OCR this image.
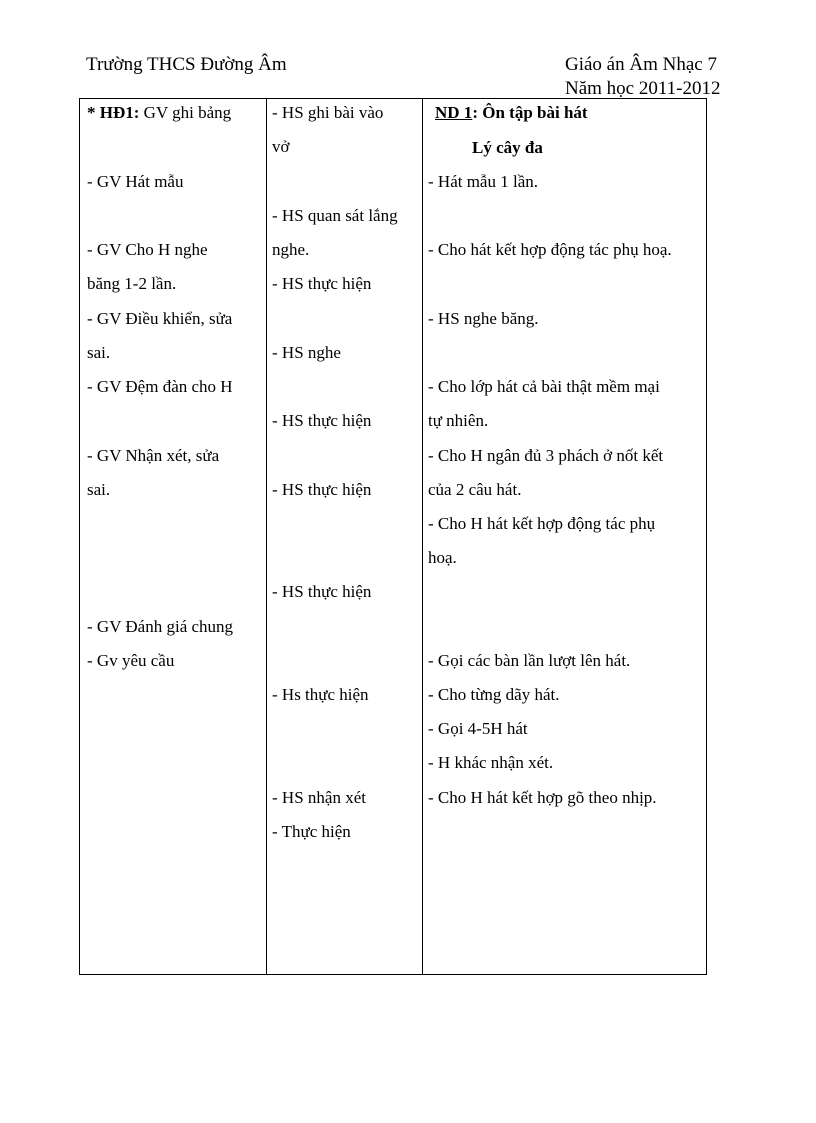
Trường THCS Đường Âm	Giáo án Âm Nhạc 7
Năm học 2011-2012
* HĐ1: GV ghi bảng
- GV Hát mẫu
- GV Cho H nghe
băng 1-2 lần.
- GV Điều khiển, sửa
sai.
- GV Đệm đàn cho H
- GV Nhận xét, sửa
sai.
- GV Đánh giá chung
- Gv yêu cầu
- HS ghi bài vào
vở
- HS quan sát lắng
nghe.
- HS thực hiện
- HS nghe
- HS thực hiện
- HS thực hiện
- HS thực hiện
- Hs thực hiện
- HS nhận xét
- Thực hiện
ND 1: Ôn tập bài hát
Lý cây đa
- Hát mẫu 1 lần.
- Cho hát kết hợp động tác phụ hoạ.
- HS nghe băng.
- Cho lớp hát cả bài thật mềm mại
tự nhiên.
- Cho H ngân đủ 3 phách ở nốt kết
của 2 câu hát.
- Cho H hát kết hợp động tác phụ
hoạ.
- Gọi các bàn lần lượt lên hát.
- Cho từng dãy hát.
- Gọi 4-5H hát
- H khác nhận xét.
- Cho H hát kết hợp gõ theo nhịp.
